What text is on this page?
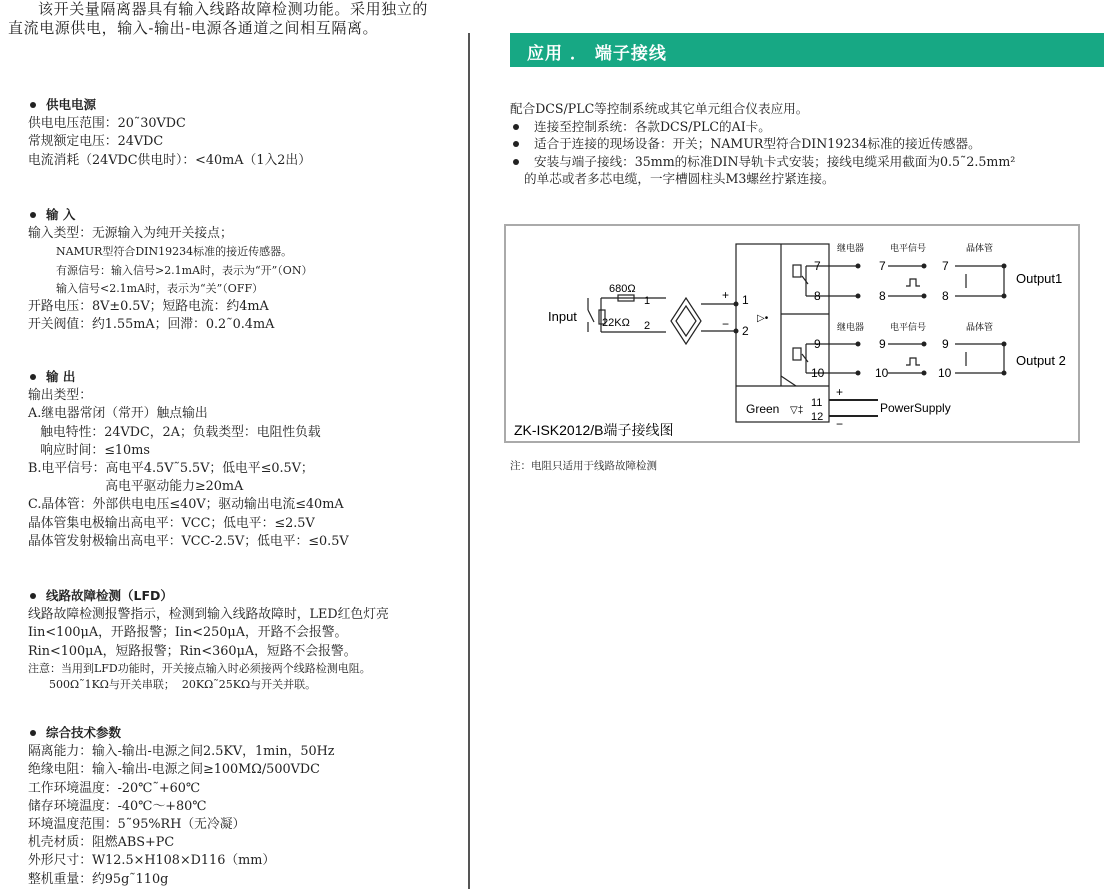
该开关量隔离器具有输入线路故障检测功能。采用独立的
直流电源供电，输入-输出-电源各通道之间相互隔离。
供电电源
供电电压范围：20˜30VDC
常规额定电压：24VDC
电流消耗（24VDC供电时）：<40mA（1入2出）
输 入
输入类型：无源输入为纯开关接点；
NAMUR型符合DIN19234标准的接近传感器。
有源信号：输入信号>2.1mA时，表示为“开”（ON）
输入信号<2.1mA时，表示为“关”（OFF）
开路电压：8V±0.5V；短路电流：约4mA
开关阀值：约1.55mA；回滞：0.2˜0.4mA
输 出
输出类型：
A.继电器常闭（常开）触点输出
触电特性：24VDC，2A；负载类型：电阻性负载
响应时间：≤10ms
B.电平信号：高电平4.5V˜5.5V；低电平≤0.5V；
高电平驱动能力≥20mA
C.晶体管：外部供电电压≤40V；驱动输出电流≤40mA
晶体管集电极输出高电平：VCC；低电平：≤2.5V
晶体管发射极输出高电平：VCC-2.5V；低电平：≤0.5V
线路故障检测（LFD）
线路故障检测报警指示，检测到输入线路故障时，LED红色灯亮
Iin<100μA，开路报警；Iin<250μA，开路不会报警。
Rin<100μA，短路报警；Rin<360μA，短路不会报警。
注意：当用到LFD功能时，开关接点输入时必须接两个线路检测电阻。
500Ω˜1KΩ与开关串联；  20KΩ˜25KΩ与开关并联。
综合技术参数
隔离能力：输入-输出-电源之间2.5KV，1min，50Hz
绝缘电阻：输入-输出-电源之间≥100MΩ/500VDC
工作环境温度：-20℃˜+60℃
储存环境温度：-40℃～+80℃
环境温度范围：5˜95%RH（无冷凝）
机壳材质：阻燃ABS+PC
外形尺寸：W12.5×H108×D116（mm）
整机重量：约95g˜110g
应用 ． 端子接线
配合DCS/PLC等控制系统或其它单元组合仪表应用。
连接至控制系统：各款DCS/PLC的AI卡。
适合于连接的现场设备：开关；NAMUR型符合DIN19234标准的接近传感器。
安装与端子接线：35mm的标准DIN导轨卡式安装；接线电缆采用截面为0.5˜2.5mm²
的单芯或者多芯电缆，一字槽圆柱头M3螺丝拧紧连接。
Input
680Ω
22KΩ
1
2
+
−
1
2
▷•
继电器	电平信号	晶体管
继电器	电平信号	晶体管
7
8
9
10
7
8
9
10
7
8
9
10
Output1
Output 2
Green ▽‡
11
12
+
−
PowerSupply
ZK-ISK2012/B端子接线图
注：电阻只适用于线路故障检测
